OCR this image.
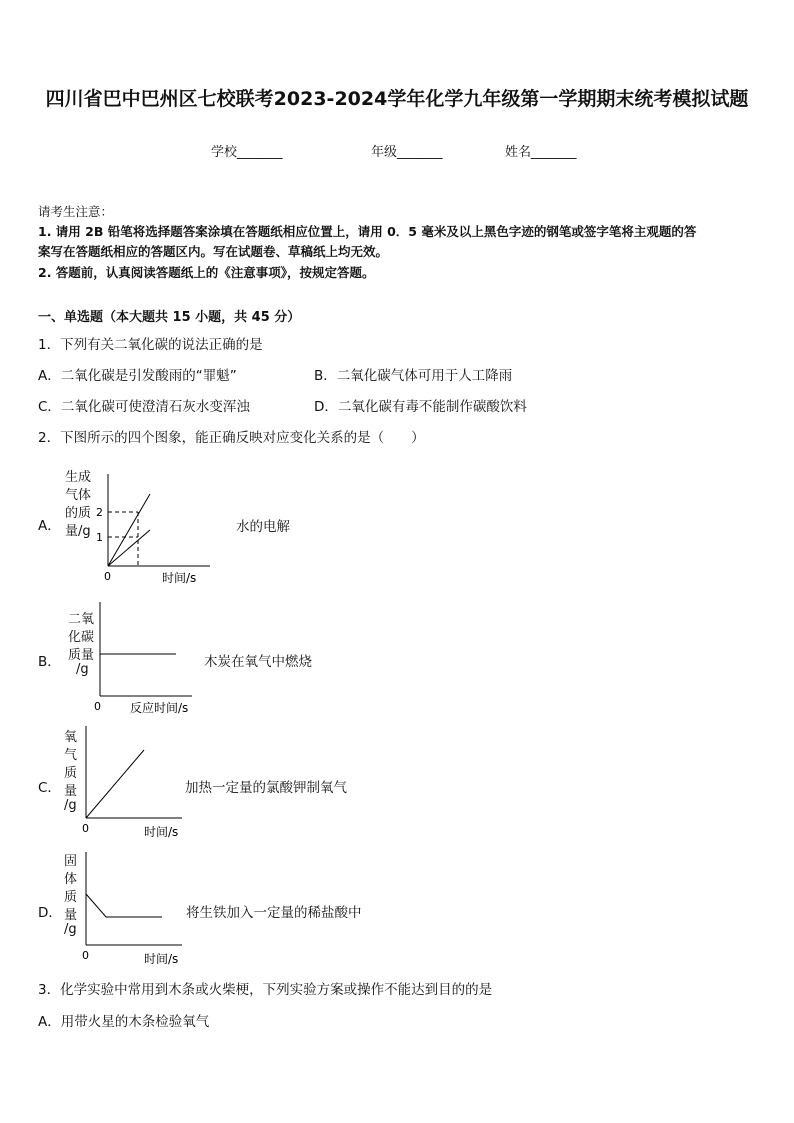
四川省巴中巴州区七校联考2023-2024学年化学九年级第一学期期末统考模拟试题
学校_______	年级_______	姓名_______
请考生注意：
1. 请用 2B 铅笔将选择题答案涂填在答题纸相应位置上，请用 0．5 毫米及以上黑色字迹的钢笔或签字笔将主观题的答
案写在答题纸相应的答题区内。写在试题卷、草稿纸上均无效。
2. 答题前，认真阅读答题纸上的《注意事项》，按规定答题。
一、单选题（本大题共 15 小题，共 45 分）
1．下列有关二氧化碳的说法正确的是
A．二氧化碳是引发酸雨的“罪魁”	B．二氧化碳气体可用于人工降雨
C．二氧化碳可使澄清石灰水变浑浊	D．二氧化碳有毒不能制作碳酸饮料
2．下图所示的四个图象，能正确反映对应变化关系的是（　　）
A．
生成
气体
的质
量/g
2
1
0	时间/s
水的电解
B．
二氧
化碳
质量
/g
0 反应时间/s
木炭在氧气中燃烧
C．
氧
气
质
量
/g
0	时间/s
加热一定量的氯酸钾制氧气
D．
固
体
质
量
/g
0	时间/s
将生铁加入一定量的稀盐酸中
3．化学实验中常用到木条或火柴梗，下列实验方案或操作不能达到目的的是
A．用带火星的木条检验氧气
